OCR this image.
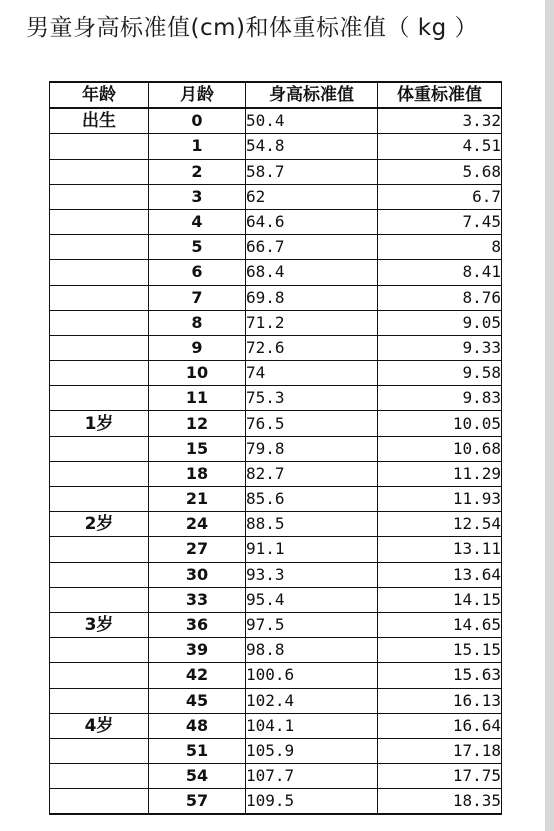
男童身高标准值(cm)和体重标准值（ kg ）
年龄	月龄	身高标准值	体重标准值
出生	0	50.4	3.32
	1	54.8	4.51
	2	58.7	5.68
	3	62	6.7
	4	64.6	7.45
	5	66.7	8
	6	68.4	8.41
	7	69.8	8.76
	8	71.2	9.05
	9	72.6	9.33
	10	74	9.58
	11	75.3	9.83
1岁	12	76.5	10.05
	15	79.8	10.68
	18	82.7	11.29
	21	85.6	11.93
2岁	24	88.5	12.54
	27	91.1	13.11
	30	93.3	13.64
	33	95.4	14.15
3岁	36	97.5	14.65
	39	98.8	15.15
	42	100.6	15.63
	45	102.4	16.13
4岁	48	104.1	16.64
	51	105.9	17.18
	54	107.7	17.75
	57	109.5	18.35
